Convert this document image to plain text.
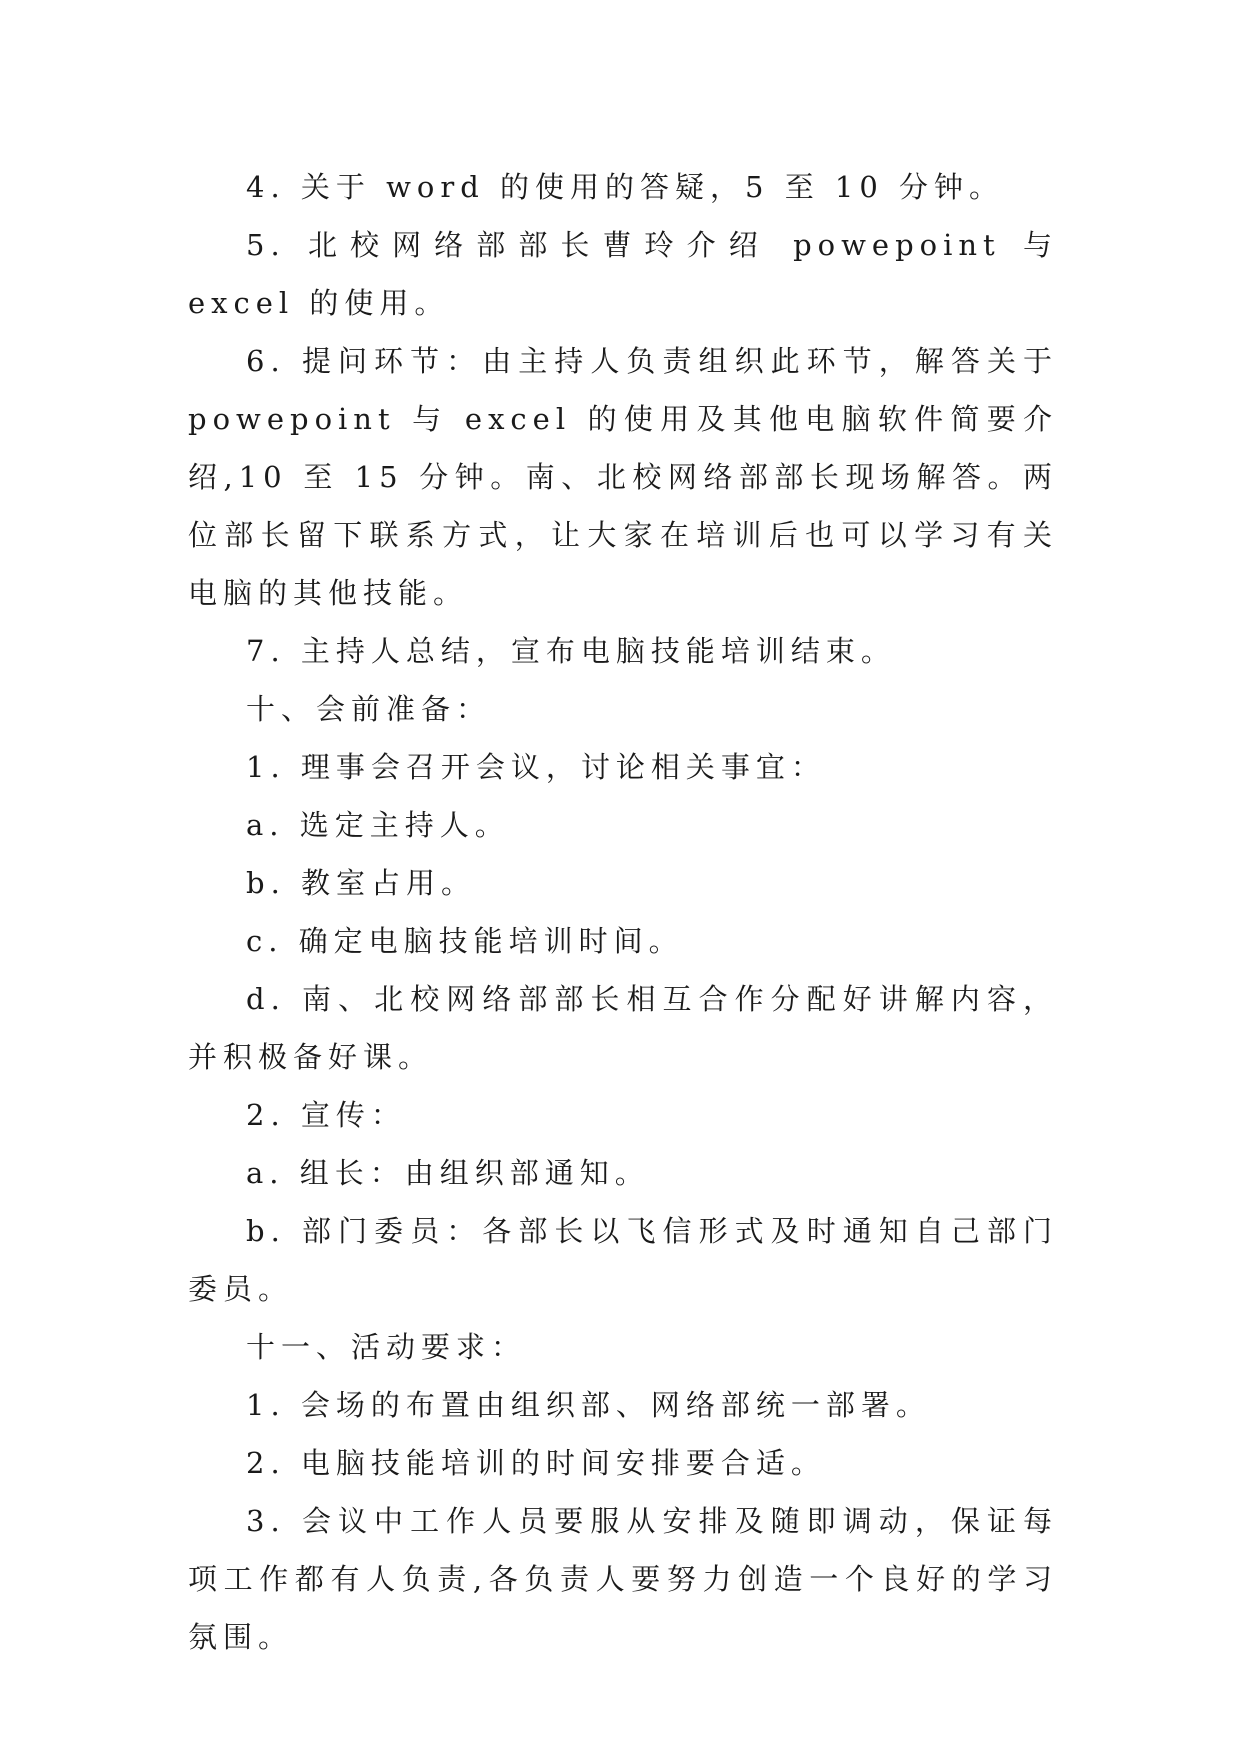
4. 关于 word 的使用的答疑，5 至 10 分钟。

5. 北校网络部部长曹玲介绍 powepoint 与 excel 的使用。

6. 提问环节：由主持人负责组织此环节，解答关于 powepoint 与 excel 的使用及其他电脑软件简要介绍,10 至 15 分钟。南、北校网络部部长现场解答。两位部长留下联系方式，让大家在培训后也可以学习有关电脑的其他技能。

7. 主持人总结，宣布电脑技能培训结束。

十、会前准备：

1. 理事会召开会议，讨论相关事宜：

a. 选定主持人。

b. 教室占用。

c. 确定电脑技能培训时间。

d. 南、北校网络部部长相互合作分配好讲解内容，并积极备好课。

2. 宣传：

a. 组长：由组织部通知。

b. 部门委员：各部长以飞信形式及时通知自己部门委员。

十一、活动要求：

1. 会场的布置由组织部、网络部统一部署。

2. 电脑技能培训的时间安排要合适。

3. 会议中工作人员要服从安排及随即调动，保证每项工作都有人负责,各负责人要努力创造一个良好的学习氛围。
